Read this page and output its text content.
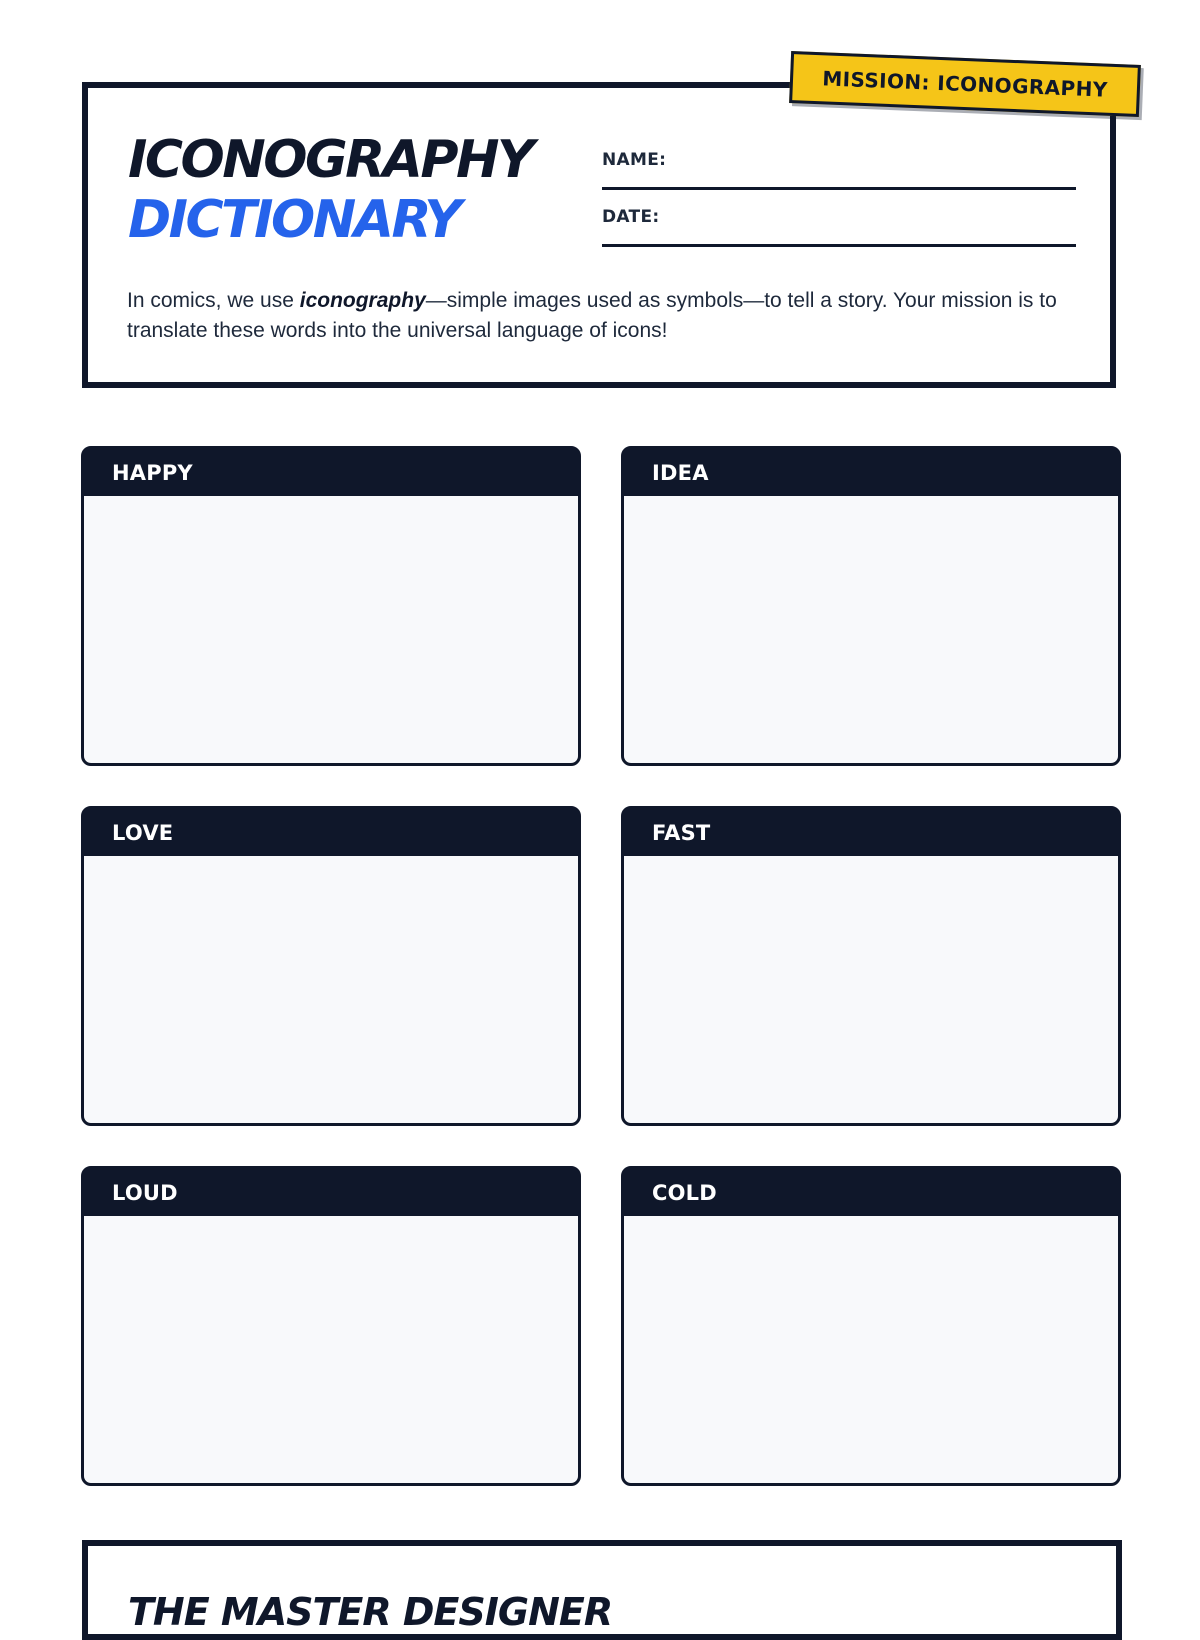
MISSION: ICONOGRAPHY
ICONOGRAPHY
DICTIONARY
NAME:
DATE:
In comics, we use iconography—simple images used as symbols—to tell a story. Your mission is to translate these words into the universal language of icons!
HAPPY	IDEA
LOVE	FAST
LOUD	COLD
THE MASTER DESIGNER
